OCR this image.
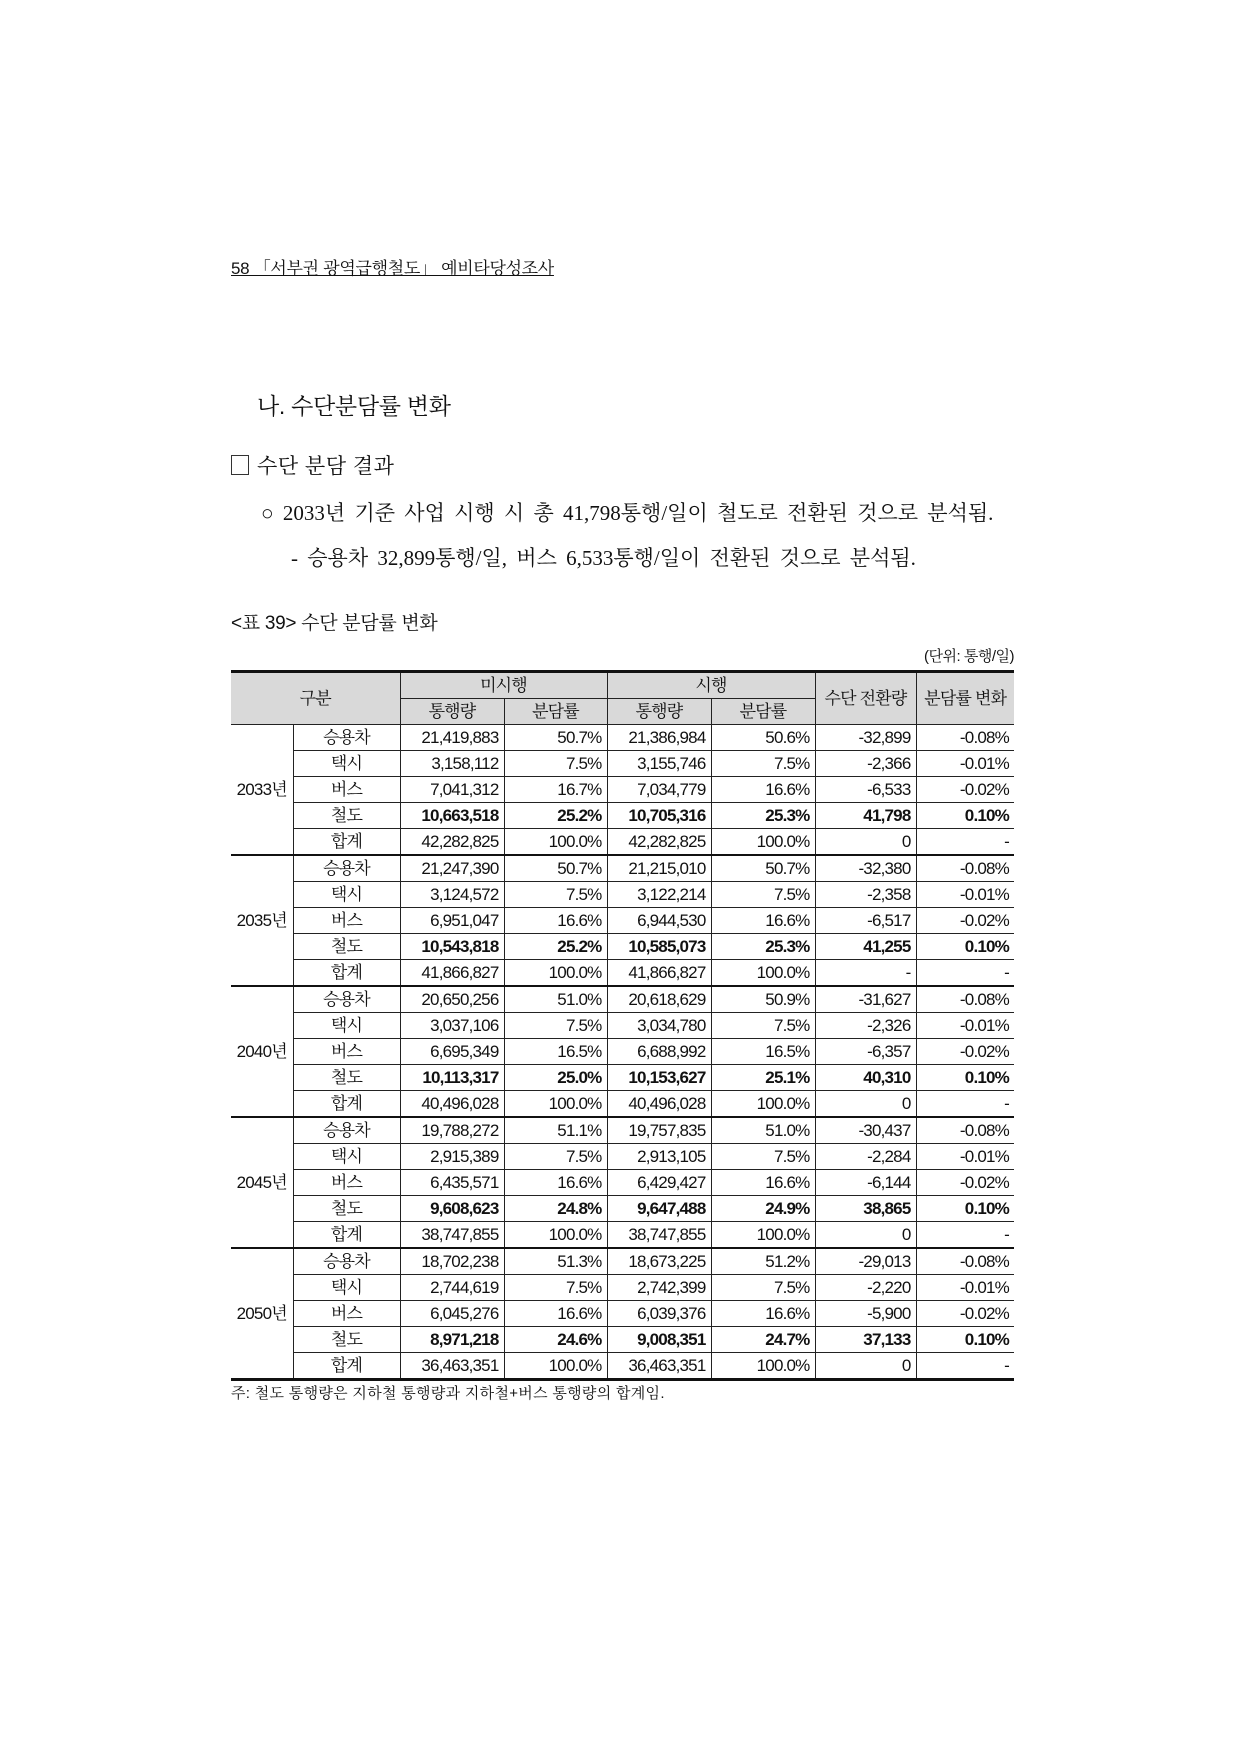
58 「서부권 광역급행철도」 예비타당성조사
나. 수단분담률 변화
수단 분담 결과
○ 2033년 기준 사업 시행 시 총 41,798통행/일이 철도로 전환된 것으로 분석됨.
- 승용차 32,899통행/일, 버스 6,533통행/일이 전환된 것으로 분석됨.
<표 39> 수단 분담률 변화
(단위: 통행/일)
구분		미시행		시행		수단 전환량	분담률 변화
		통행량	분담률	통행량	분담률		
2033년	승용차	21,419,883	50.7%	21,386,984	50.6%	-32,899	-0.08%
	택시	3,158,112	7.5%	3,155,746	7.5%	-2,366	-0.01%
	버스	7,041,312	16.7%	7,034,779	16.6%	-6,533	-0.02%
	철도	10,663,518	25.2%	10,705,316	25.3%	41,798	0.10%
	합계	42,282,825	100.0%	42,282,825	100.0%	0	-
2035년	승용차	21,247,390	50.7%	21,215,010	50.7%	-32,380	-0.08%
	택시	3,124,572	7.5%	3,122,214	7.5%	-2,358	-0.01%
	버스	6,951,047	16.6%	6,944,530	16.6%	-6,517	-0.02%
	철도	10,543,818	25.2%	10,585,073	25.3%	41,255	0.10%
	합계	41,866,827	100.0%	41,866,827	100.0%	-	-
2040년	승용차	20,650,256	51.0%	20,618,629	50.9%	-31,627	-0.08%
	택시	3,037,106	7.5%	3,034,780	7.5%	-2,326	-0.01%
	버스	6,695,349	16.5%	6,688,992	16.5%	-6,357	-0.02%
	철도	10,113,317	25.0%	10,153,627	25.1%	40,310	0.10%
	합계	40,496,028	100.0%	40,496,028	100.0%	0	-
2045년	승용차	19,788,272	51.1%	19,757,835	51.0%	-30,437	-0.08%
	택시	2,915,389	7.5%	2,913,105	7.5%	-2,284	-0.01%
	버스	6,435,571	16.6%	6,429,427	16.6%	-6,144	-0.02%
	철도	9,608,623	24.8%	9,647,488	24.9%	38,865	0.10%
	합계	38,747,855	100.0%	38,747,855	100.0%	0	-
2050년	승용차	18,702,238	51.3%	18,673,225	51.2%	-29,013	-0.08%
	택시	2,744,619	7.5%	2,742,399	7.5%	-2,220	-0.01%
	버스	6,045,276	16.6%	6,039,376	16.6%	-5,900	-0.02%
	철도	8,971,218	24.6%	9,008,351	24.7%	37,133	0.10%
	합계	36,463,351	100.0%	36,463,351	100.0%	0	-
주: 철도 통행량은 지하철 통행량과 지하철+버스 통행량의 합계임.
